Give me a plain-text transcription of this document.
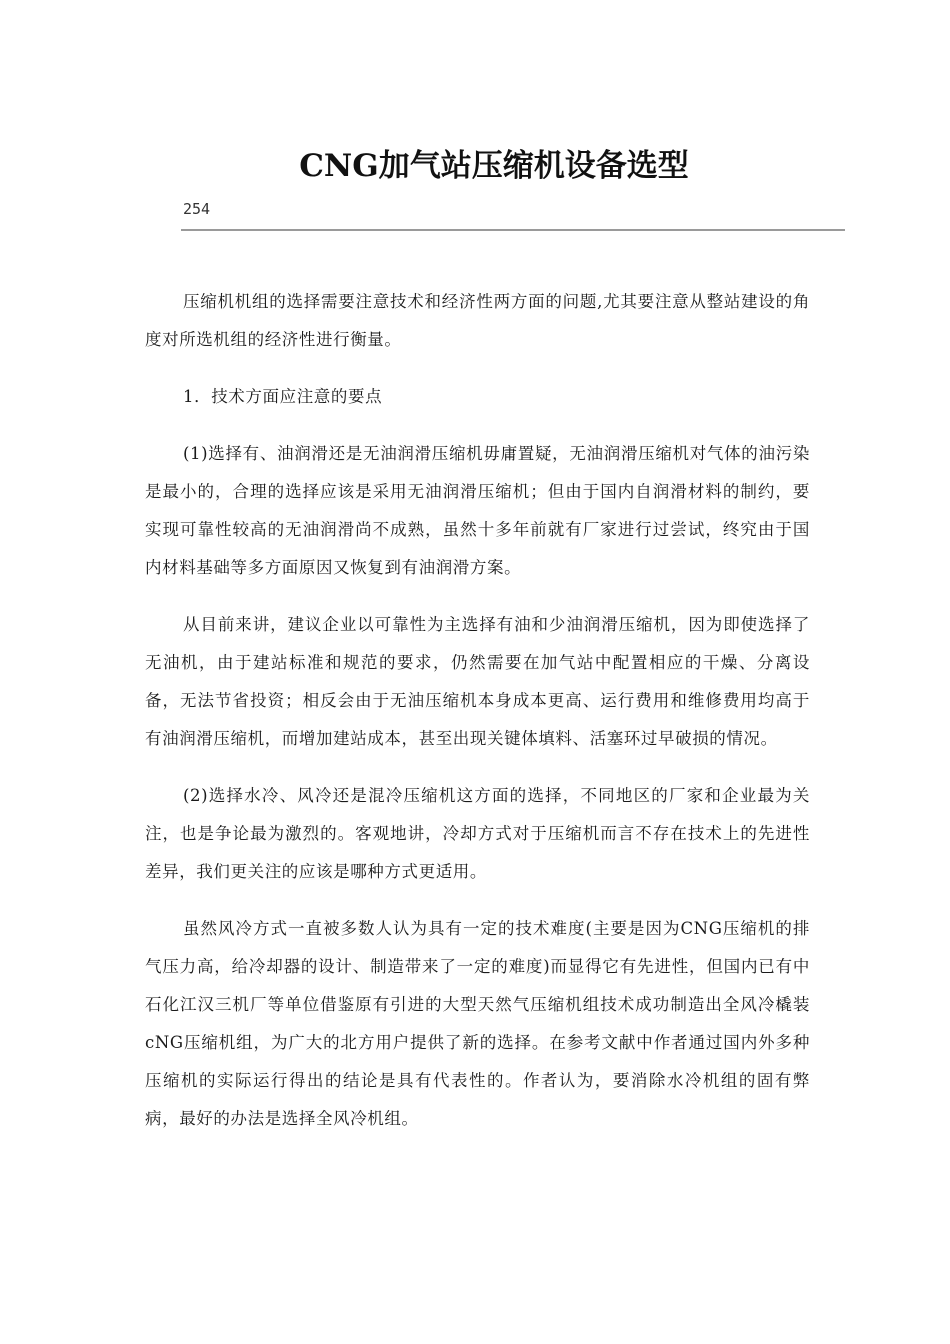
CNG加气站压缩机设备选型
254

压缩机机组的选择需要注意技术和经济性两方面的问题,尤其要注意从整站建设的角度对所选机组的经济性进行衡量。

1．技术方面应注意的要点

(1)选择有、油润滑还是无油润滑压缩机毋庸置疑，无油润滑压缩机对气体的油污染是最小的，合理的选择应该是采用无油润滑压缩机；但由于国内自润滑材料的制约，要实现可靠性较高的无油润滑尚不成熟，虽然十多年前就有厂家进行过尝试，终究由于国内材料基础等多方面原因又恢复到有油润滑方案。

从目前来讲，建议企业以可靠性为主选择有油和少油润滑压缩机，因为即使选择了无油机，由于建站标准和规范的要求，仍然需要在加气站中配置相应的干燥、分离设备，无法节省投资；相反会由于无油压缩机本身成本更高、运行费用和维修费用均高于有油润滑压缩机，而增加建站成本，甚至出现关键体填料、活塞环过早破损的情况。

(2)选择水冷、风冷还是混冷压缩机这方面的选择，不同地区的厂家和企业最为关注，也是争论最为激烈的。客观地讲，冷却方式对于压缩机而言不存在技术上的先进性差异，我们更关注的应该是哪种方式更适用。

虽然风冷方式一直被多数人认为具有一定的技术难度(主要是因为CNG压缩机的排气压力高，给冷却器的设计、制造带来了一定的难度)而显得它有先进性，但国内已有中石化江汉三机厂等单位借鉴原有引进的大型天然气压缩机组技术成功制造出全风冷橇装cNG压缩机组，为广大的北方用户提供了新的选择。在参考文献中作者通过国内外多种压缩机的实际运行得出的结论是具有代表性的。作者认为，要消除水冷机组的固有弊病，最好的办法是选择全风冷机组。
